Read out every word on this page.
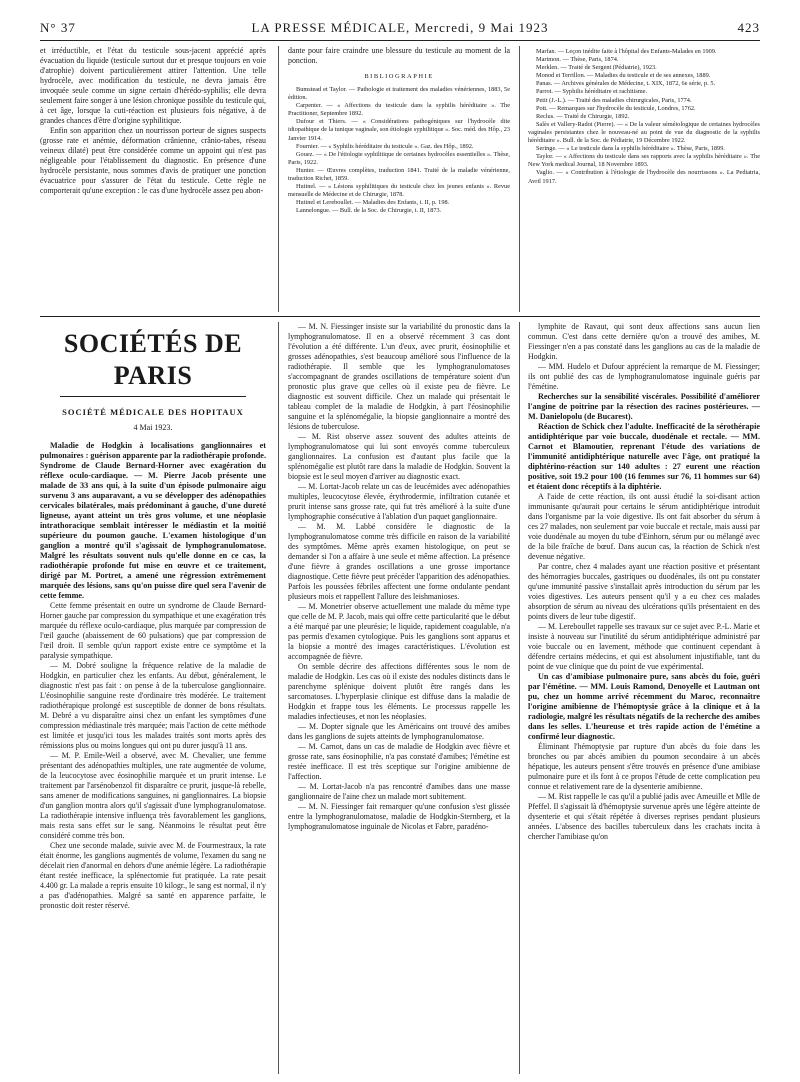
N° 37	LA PRESSE MÉDICALE, Mercredi, 9 Mai 1923	423

et irréductible, et l'état du testicule sous-jacent apprécié après évacuation du liquide (testicule surtout dur et presque toujours en voie d'atrophie) doivent particulièrement attirer l'attention. Une telle hydrocèle, avec modification du testicule, ne devra jamais être invoquée seule comme un signe certain d'hérédo-syphilis; elle devra seulement faire songer à une lésion chronique possible du testicule qui, à cet âge, lorsque la cuti-réaction est plusieurs fois négative, à de grandes chances d'être d'origine syphilitique.

Enfin son apparition chez un nourrisson porteur de signes suspects (grosse rate et anémie, déformation crânienne, crânio-tabes, réseau veineux dilaté) peut être considérée comme un appoint qui n'est pas négligeable pour l'établissement du diagnostic. En présence d'une hydrocèle persistante, nous sommes d'avis de pratiquer une ponction évacuatrice pour s'assurer de l'état du testicule. Cette règle ne comporterait qu'une exception : le cas d'une hydrocèle assez peu abon-

dante pour faire craindre une blessure du testicule au moment de la ponction.

BIBLIOGRAPHIE

Bumstead et Taylor. — Pathologie et traitement des maladies vénériennes, 1883, 5e édition.

Carpenter. — « Affections du testicule dans la syphilis héréditaire ». The Practitioner, Septembre 1892.

Dufour et Thiers. — « Considérations pathogéniques sur l'hydrocèle dite idiopathique de la tunique vaginale, son étiologie syphilitique ». Soc. méd. des Hôp., 23 Janvier 1914.

Fournier. — « Syphilis héréditaire du testicule ». Gaz. des Hôp., 1892.

Gouez. — « De l'étiologie syphilitique de certaines hydrocèles essentielles ». Thèse, Paris, 1922.

Hunter. — Œuvres complètes, traduction 1841. Traité de la maladie vénérienne, traduction Richet, 1859.

Hutinel. — « Lésions syphilitiques du testicule chez les jeunes enfants ». Revue mensuelle de Médecine et de Chirurgie, 1878.

Hutinel et Lereboullet. — Maladies des Enfants, t. II, p. 198.

Lannelongue. — Bull. de la Soc. de Chirurgie, t. II, 1873.

Marfan. — Leçon inédite faite à l'hôpital des Enfants-Malades en 1909.

Marimon. — Thèse, Paris, 1874.

Merklen. — Traité de Sergent (Pédiatrie), 1923.

Monod et Terrillon. — Maladies du testicule et de ses annexes, 1889.

Panas. — Archives générales de Médecine, t. XIX, 1872, 6e série, p. 5.

Parrot. — Syphilis héréditaire et rachitisme.

Petit (J.-L.). — Traité des maladies chirurgicales, Paris, 1774.

Pott. — Remarques sur l'hydrocèle du testicule, Londres, 1762.

Reclus. — Traité de Chirurgie, 1892.

Salès et Vallery-Radot (Pierre). — « De la valeur séméiologique de certaines hydrocèles vaginales persistantes chez le nouveau-né au point de vue du diagnostic de la syphilis héréditaire ». Bull. de la Soc. de Pédiatrie, 19 Décembre 1922.

Seringe. — « Le testicule dans la syphilis héréditaire ». Thèse, Paris, 1899.

Taylor. — « Affections du testicule dans ses rapports avec la syphilis héréditaire ». The New York medical Journal, 18 Novembre 1893.

Vaglio. — « Contribution à l'étiologie de l'hydrocèle des nourrissons ». La Pediatria, Avril 1917.

SOCIÉTÉS DE PARIS
SOCIÉTÉ MÉDICALE DES HOPITAUX
4 Mai 1923.

Maladie de Hodgkin à localisations ganglionnaires et pulmonaires : guérison apparente par la radiothérapie profonde. Syndrome de Claude Bernard-Horner avec exagération du réflexe oculo-cardiaque. — M. Pierre Jacob présente une malade de 33 ans qui, à la suite d'un épisode pulmonaire aigu survenu 3 ans auparavant, a vu se développer des adénopathies cervicales bilatérales, mais prédominant à gauche, d'une dureté ligneuse, ayant atteint un très gros volume, et une néoplasie intrathoracique semblait intéresser le médiastin et la moitié supérieure du poumon gauche. L'examen histologique d'un ganglion a montré qu'il s'agissait de lymphogranulomatose. Malgré les résultats souvent nuls qu'elle donne en ce cas, la radiothérapie profonde fut mise en œuvre et ce traitement, dirigé par M. Portret, a amené une régression extrêmement marquée des lésions, sans qu'on puisse dire quel sera l'avenir de cette femme.

Cette femme présentait en outre un syndrome de Claude Bernard-Horner gauche par compression du sympathique et une exagération très marquée du réflexe oculo-cardiaque, plus marquée par compression de l'œil gauche (abaissement de 60 pulsations) que par compression de l'œil droit. Il semble qu'un rapport existe entre ce symptôme et la paralysie sympathique.

— M. Dobré souligne la fréquence relative de la maladie de Hodgkin, en particulier chez les enfants. Au début, généralement, le diagnostic n'est pas fait : on pense à de la tuberculose ganglionnaire. L'éosinophilie sanguine reste d'ordinaire très modérée. Le traitement radiothérapique prolongé est susceptible de donner de bons résultats. M. Debré a vu disparaître ainsi chez un enfant les symptômes d'une compression médiastinale très marquée; mais l'action de cette méthode est limitée et jusqu'ici tous les malades traités sont morts après des rémissions plus ou moins longues qui ont pu durer jusqu'à 11 ans.

— M. P. Emile-Weil a observé, avec M. Chevalier, une femme présentant des adénopathies multiples, une rate augmentée de volume, de la leucocytose avec éosinophilie marquée et un prurit intense. Le traitement par l'arsénobenzol fit disparaître ce prurit, jusque-là rebelle, sans amener de modifications sanguines, ni ganglionnaires. La biopsie d'un ganglion montra alors qu'il s'agissait d'une lymphogranulomatose. La radiothérapie intensive influença très favorablement les ganglions, mais resta sans effet sur le sang. Néanmoins le résultat peut être considéré comme très bon.

Chez une seconde malade, suivie avec M. de Fourmestraux, la rate était énorme, les ganglions augmentés de volume, l'examen du sang ne décelait rien d'anormal en dehors d'une anémie légère. La radiothérapie étant restée inefficace, la splénectomie fut pratiquée. La rate pesait 4.400 gr. La malade a repris ensuite 10 kilogr., le sang est normal, il n'y a pas d'adénopathies. Malgré sa santé en apparence parfaite, le pronostic doit rester réservé.

— M. N. Fiessinger insiste sur la variabilité du pronostic dans la lymphogranulomatose. Il en a observé récemment 3 cas dont l'évolution a été différente. L'un d'eux, avec prurit, éosinophilie et grosses adénopathies, s'est beaucoup amélioré sous l'influence de la radiothérapie. Il semble que les lymphogranulomatoses s'accompagnant de grandes oscillations de température soient d'un pronostic plus grave que celles où il existe peu de fièvre. Le diagnostic est souvent difficile. Chez un malade qui présentait le tableau complet de la maladie de Hodgkin, à part l'éosinophilie sanguine et la splénomégalie, la biopsie ganglionnaire a montré des lésions de tuberculose.

— M. Rist observe assez souvent des adultes atteints de lymphogranulomatose qui lui sont envoyés comme tuberculeux ganglionnaires. La confusion est d'autant plus facile que la splénomégalie est plutôt rare dans la maladie de Hodgkin. Souvent la biopsie est le seul moyen d'arriver au diagnostic exact.

— M. Lortat-Jacob relate un cas de leucémides avec adénopathies multiples, leucocytose élevée, érythrodermie, infiltration cutanée et prurit intense sans grosse rate, qui fut très amélioré à la suite d'une lymphographie consécutive à l'ablation d'un paquet ganglionnaire.

— M. M. Labbé considère le diagnostic de la lymphogranulomatose comme très difficile en raison de la variabilité des symptômes. Même après examen histologique, on peut se demander si l'on a affaire à une seule et même affection. La présence d'une fièvre à grandes oscillations a une grosse importance diagnostique. Cette fièvre peut précéder l'apparition des adénopathies. Parfois les poussées fébriles affectent une forme ondulante pendant plusieurs mois et rappellent l'allure des leishmanioses.

— M. Monetrier observe actuellement une malade du même type que celle de M. P. Jacob, mais qui offre cette particularité que le début a été marqué par une pleurésie; le liquide, rapidement coagulable, n'a pas permis d'examen cytologique. Puis les ganglions sont apparus et la biopsie a montré des images caractéristiques. L'évolution est accompagnée de fièvre.

On semble décrire des affections différentes sous le nom de maladie de Hodgkin. Les cas où il existe des nodules distincts dans le parenchyme splénique doivent plutôt être rangés dans les sarcomatoses. L'hyperplasie clinique est diffuse dans la maladie de Hodgkin et frappe tous les éléments. Le processus rappelle les maladies infectieuses, et non les néoplasies.

— M. Dopter signale que les Américains ont trouvé des amibes dans les ganglions de sujets atteints de lymphogranulomatose.

— M. Carnot, dans un cas de maladie de Hodgkin avec fièvre et grosse rate, sans éosinophilie, n'a pas constaté d'amibes; l'émétine est restée inefficace. Il est très sceptique sur l'origine amibienne de l'affection.

— M. Lortat-Jacob n'a pas rencontré d'amibes dans une masse ganglionnaire de l'aine chez un malade mort subitement.

— M. N. Fiessinger fait remarquer qu'une confusion s'est glissée entre la lymphogranulomatose, maladie de Hodgkin-Sternberg, et la lymphogranulomatose inguinale de Nicolas et Fabre, paradéno-

lymphite de Ravaut, qui sont deux affections sans aucun lien commun. C'est dans cette dernière qu'on a trouvé des amibes, M. Fiessinger n'en a pas constaté dans les ganglions au cas de la maladie de Hodgkin.

— MM. Hudelo et Dufour apprécient la remarque de M. Fiessinger; ils ont publié des cas de lymphogranulomatose inguinale guéris par l'émétine.

Recherches sur la sensibilité viscérales. Possibilité d'améliorer l'angine de poitrine par la résection des racines postérieures. — M. Danielopolu (de Bucarest).

Réaction de Schick chez l'adulte. Inefficacité de la sérothérapie antidiphtérique par voie buccale, duodénale et rectale. — MM. Carnot et Blamoutier, reprenant l'étude des variations de l'immunité antidiphtérique naturelle avec l'âge, ont pratiqué la diphtérino-réaction sur 140 adultes : 27 eurent une réaction positive, soit 19.2 pour 100 (16 femmes sur 76, 11 hommes sur 64) et étaient donc réceptifs à la diphtérie.

A l'aide de cette réaction, ils ont aussi étudié la soi-disant action immunisante qu'aurait pour certains le sérum antidiphtérique introduit dans l'organisme par la voie digestive. Ils ont fait absorber du sérum à ces 27 malades, non seulement par voie buccale et rectale, mais aussi par voie duodénale au moyen du tube d'Einhorn, sérum pur ou mélangé avec de la bile fraîche de bœuf. Dans aucun cas, la réaction de Schick n'est devenue négative.

Par contre, chez 4 malades ayant une réaction positive et présentant des hémorragies buccales, gastriques ou duodénales, ils ont pu constater qu'une immunité passive s'installait après introduction du sérum par les voies digestives. Les auteurs pensent qu'il y a eu chez ces malades absorption de sérum au niveau des ulcérations qu'ils présentaient en des points divers de leur tube digestif.

— M. Lereboullet rappelle ses travaux sur ce sujet avec P.-L. Marie et insiste à nouveau sur l'inutilité du sérum antidiphtérique administré par voie buccale ou en lavement, méthode que continuent cependant à défendre certains médecins, et qui est absolument injustifiable, tant du point de vue clinique que du point de vue expérimental.

Un cas d'amibiase pulmonaire pure, sans abcès du foie, guéri par l'émétine. — MM. Louis Ramond, Denoyelle et Lautman ont pu, chez un homme arrivé récemment du Maroc, reconnaître l'origine amibienne de l'hémoptysie grâce à la clinique et à la radiologie, malgré les résultats négatifs de la recherche des amibes dans les selles. L'heureuse et très rapide action de l'émétine a confirmé leur diagnostic.

Éliminant l'hémoptysie par rupture d'un abcès du foie dans les bronches ou par abcès amibien du poumon secondaire à un abcès hépatique, les auteurs pensent s'être trouvés en présence d'une amibiase pulmonaire pure et ils font à ce propos l'étude de cette complication peu connue et relativement rare de la dysenterie amibienne.

— M. Rist rappelle le cas qu'il a publié jadis avec Ameuille et Mlle de Pfeffel. Il s'agissait là d'hémoptysie survenue après une légère atteinte de dysenterie et qui s'était répétée à diverses reprises pendant plusieurs années. L'absence des bacilles tuberculeux dans les crachats incita à chercher l'amibiase qu'on
